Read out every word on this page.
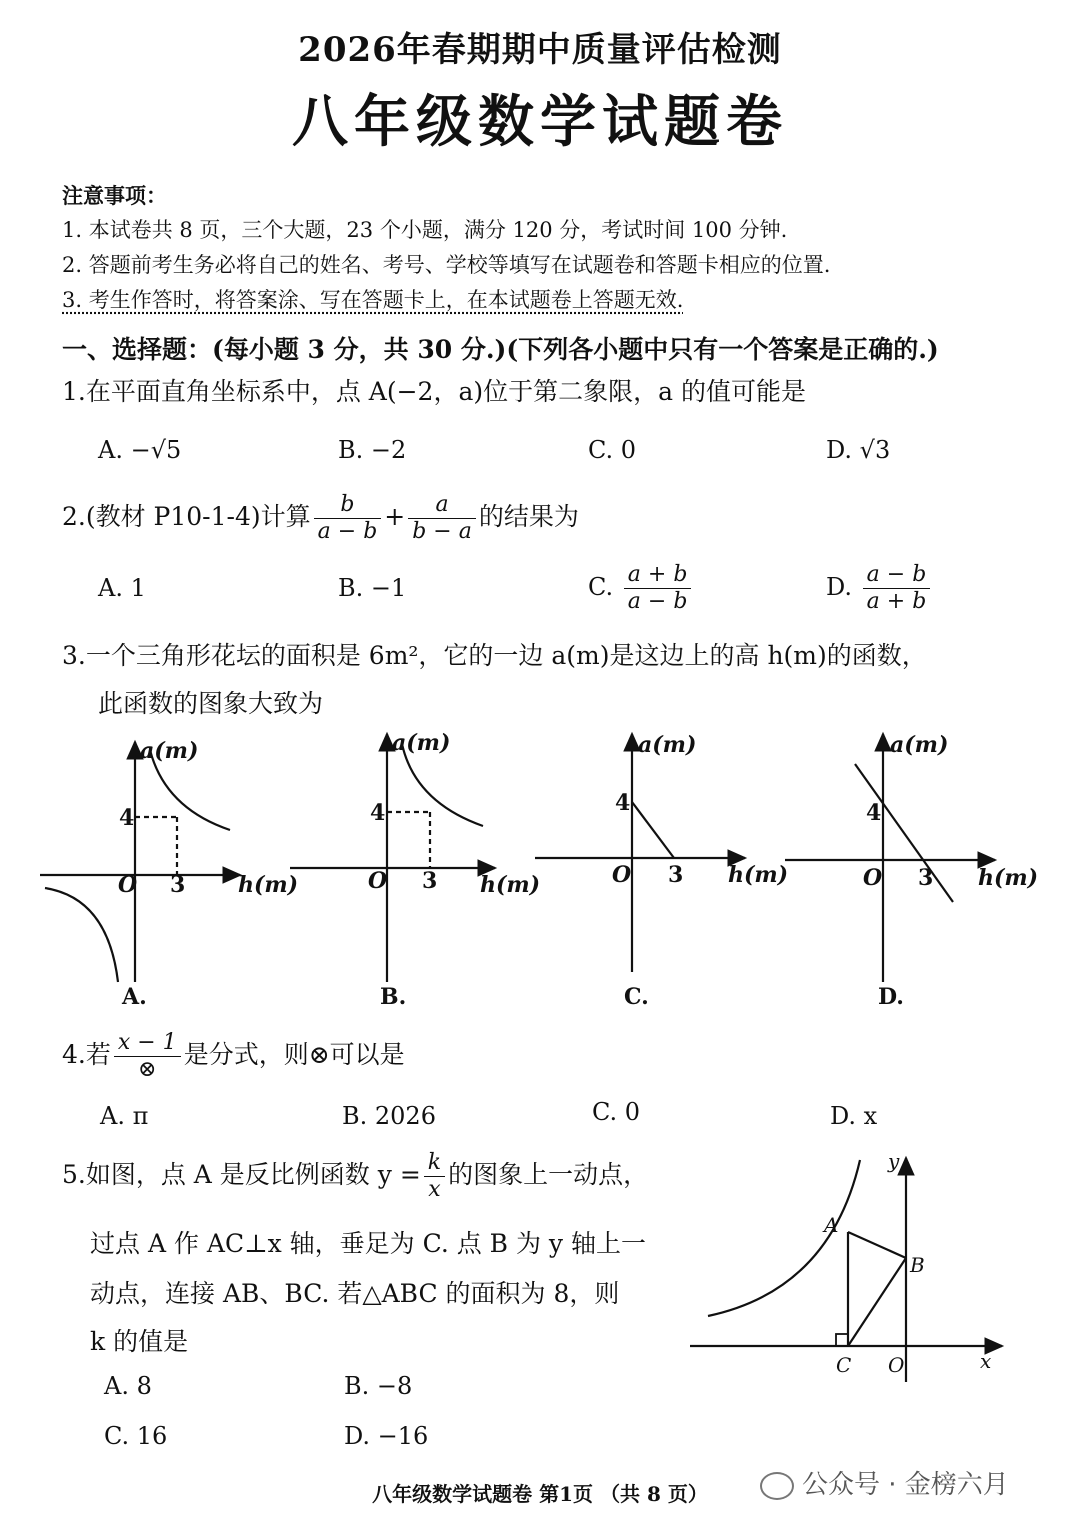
2026年春期期中质量评估检测
八年级数学试题卷
注意事项：
1. 本试卷共 8 页，三个大题，23 个小题，满分 120 分，考试时间 100 分钟.
2. 答题前考生务必将自己的姓名、考号、学校等填写在试题卷和答题卡相应的位置.
3. 考生作答时，将答案涂、写在答题卡上，在本试题卷上答题无效.
一、选择题：(每小题 3 分，共 30 分.)(下列各小题中只有一个答案是正确的.)
1.在平面直角坐标系中，点 A(−2，a)位于第二象限，a 的值可能是
A. −√5	B. −2	C. 0	D. √3
2.(教材 P10-1-4)计算 $\frac{b}{a - b} + \frac{a}{b - a}$ 的结果为
A. 1	B. −1	C. $\frac{a + b}{a - b}$	D. $\frac{a - b}{a + b}$
3.一个三角形花坛的面积是 6m²，它的一边 a(m)是这边上的高 h(m)的函数，
此函数的图象大致为
a(m)
h(m)
O 3
4
A.
a(m)
h(m)
O 3
4
B.
a(m)
h(m)
O 3
4
C.
a(m)
h(m)
O 3
4
D.
4.若 $\frac{x - 1}{\otimes}$ 是分式，则⊗可以是
A. π	B. 2026	C. 0	D. x
5.如图，点 A 是反比例函数 $y = \frac{k}{x}$ 的图象上一动点，
过点 A 作 AC⊥x 轴，垂足为 C. 点 B 为 y 轴上一
动点，连接 AB、BC. 若△ABC 的面积为 8，则
k 的值是
A. 8	B. −8
C. 16	D. −16
y
x
A
B
C O
八年级数学试题卷 第1页 （共 8 页）	公众号 · 金榜六月
